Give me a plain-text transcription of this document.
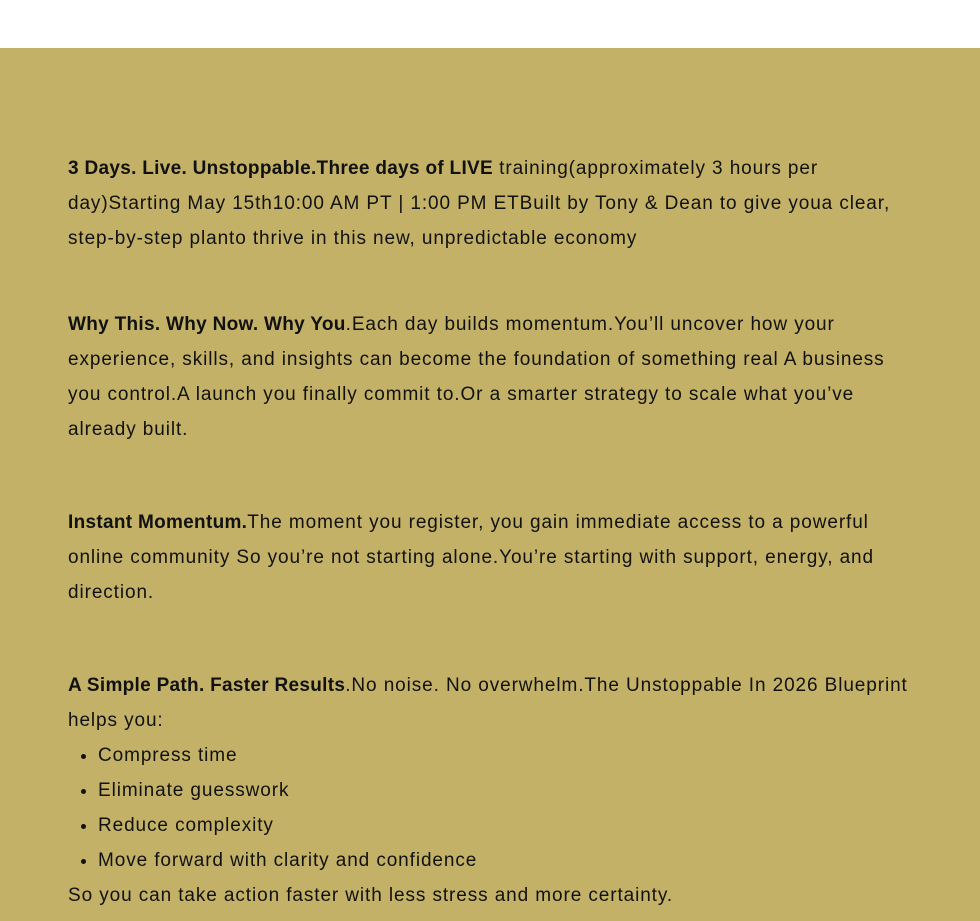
3 Days. Live. Unstoppable.Three days of LIVE training(approximately 3 hours per day)Starting May 15th10:00 AM PT | 1:00 PM ETBuilt by Tony & Dean to give youa clear, step-by-step planto thrive in this new, unpredictable economy

Why This. Why Now. Why You.Each day builds momentum.You’ll uncover how your experience, skills, and insights can become the foundation of something real A business you control.A launch you finally commit to.Or a smarter strategy to scale what you’ve already built.

Instant Momentum.The moment you register, you gain immediate access to a powerful online community So you’re not starting alone.You’re starting with support, energy, and direction.

A Simple Path. Faster Results.No noise. No overwhelm.The Unstoppable In 2026 Blueprint helps you:
• Compress time
• Eliminate guesswork
• Reduce complexity
• Move forward with clarity and confidence
So you can take action faster with less stress and more certainty.
